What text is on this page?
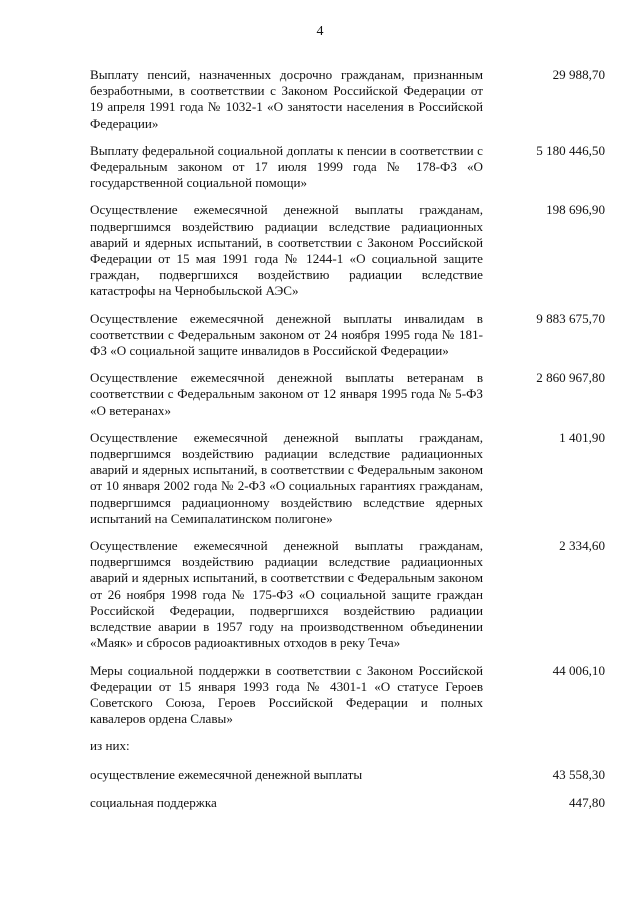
4
Выплату пенсий, назначенных досрочно гражданам, признанным безработными, в соответствии с Законом Российской Федерации от 19 апреля 1991 года № 1032-1 «О занятости населения в Российской Федерации»
29 988,70
Выплату федеральной социальной доплаты к пенсии в соответствии с Федеральным законом от 17 июля 1999 года № 178-ФЗ «О государственной социальной помощи»
5 180 446,50
Осуществление ежемесячной денежной выплаты гражданам, подвергшимся воздействию радиации вследствие радиационных аварий и ядерных испытаний, в соответствии с Законом Российской Федерации от 15 мая 1991 года № 1244-1 «О социальной защите граждан, подвергшихся воздействию радиации вследствие катастрофы на Чернобыльской АЭС»
198 696,90
Осуществление ежемесячной денежной выплаты инвалидам в соответствии с Федеральным законом от 24 ноября 1995 года № 181-ФЗ «О социальной защите инвалидов в Российской Федерации»
9 883 675,70
Осуществление ежемесячной денежной выплаты ветеранам в соответствии с Федеральным законом от 12 января 1995 года № 5-ФЗ «О ветеранах»
2 860 967,80
Осуществление ежемесячной денежной выплаты гражданам, подвергшимся воздействию радиации вследствие радиационных аварий и ядерных испытаний, в соответствии с Федеральным законом от 10 января 2002 года № 2-ФЗ «О социальных гарантиях гражданам, подвергшимся радиационному воздействию вследствие ядерных испытаний на Семипалатинском полигоне»
1 401,90
Осуществление ежемесячной денежной выплаты гражданам, подвергшимся воздействию радиации вследствие радиационных аварий и ядерных испытаний, в соответствии с Федеральным законом от 26 ноября 1998 года № 175-ФЗ «О социальной защите граждан Российской Федерации, подвергшихся воздействию радиации вследствие аварии в 1957 году на производственном объединении «Маяк» и сбросов радиоактивных отходов в реку Теча»
2 334,60
Меры социальной поддержки в соответствии с Законом Российской Федерации от 15 января 1993 года № 4301-1 «О статусе Героев Советского Союза, Героев Российской Федерации и полных кавалеров ордена Славы»
44 006,10
из них:
осуществление ежемесячной денежной выплаты	43 558,30
социальная поддержка	447,80
